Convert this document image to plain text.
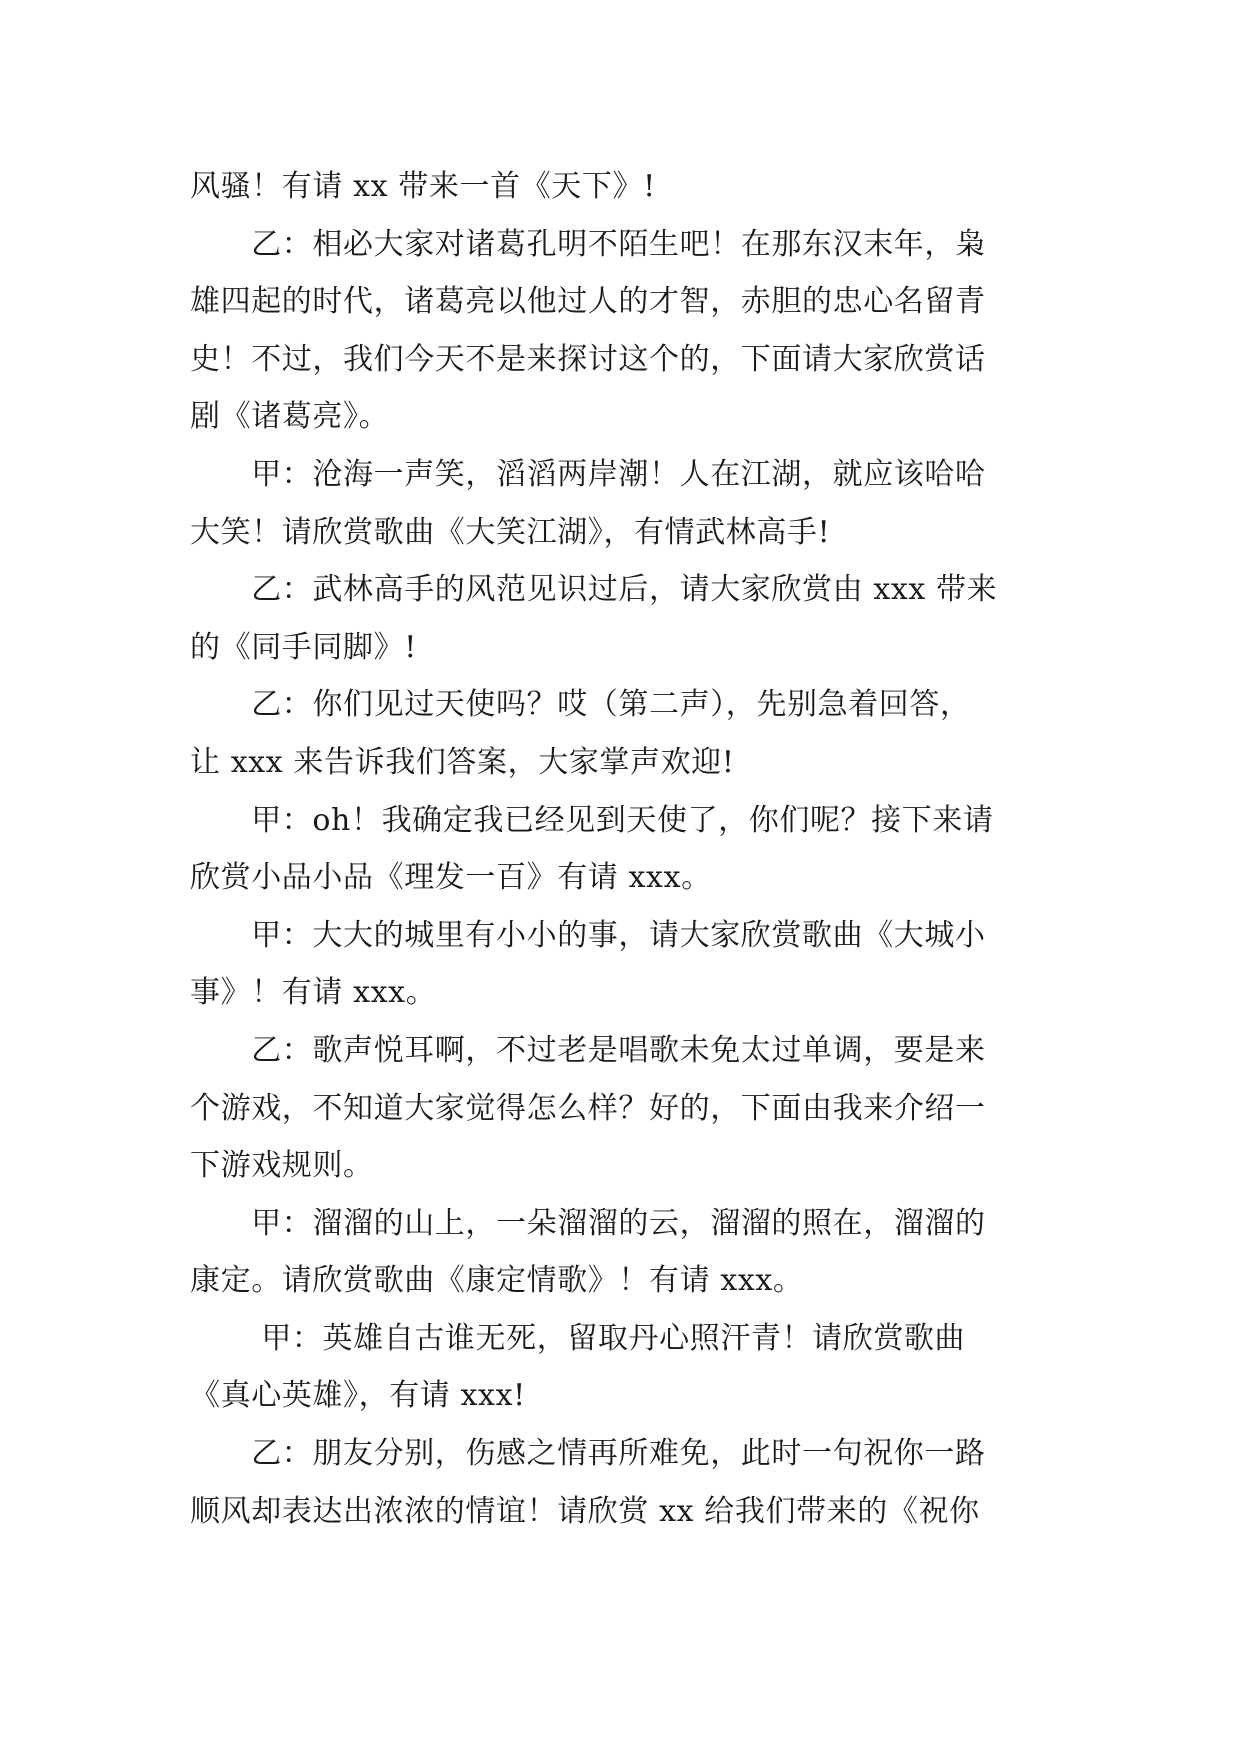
风骚！有请 xx 带来一首《天下》!
　　乙：相必大家对诸葛孔明不陌生吧！在那东汉末年，枭
雄四起的时代，诸葛亮以他过人的才智，赤胆的忠心名留青
史！不过，我们今天不是来探讨这个的，下面请大家欣赏话
剧《诸葛亮》。
　　甲：沧海一声笑，滔滔两岸潮！人在江湖，就应该哈哈
大笑！请欣赏歌曲《大笑江湖》，有情武林高手!
　　乙：武林高手的风范见识过后，请大家欣赏由 xxx 带来
的《同手同脚》!
　　乙：你们见过天使吗？哎（第二声），先别急着回答，
让 xxx 来告诉我们答案，大家掌声欢迎!
　　甲：oh！我确定我已经见到天使了，你们呢？接下来请
欣赏小品小品《理发一百》有请 xxx。
　　甲：大大的城里有小小的事，请大家欣赏歌曲《大城小
事》！有请 xxx。
　　乙：歌声悦耳啊，不过老是唱歌未免太过单调，要是来
个游戏，不知道大家觉得怎么样？好的，下面由我来介绍一
下游戏规则。
　　甲：溜溜的山上，一朵溜溜的云，溜溜的照在，溜溜的
康定。请欣赏歌曲《康定情歌》！有请 xxx。
　　 甲：英雄自古谁无死，留取丹心照汗青！请欣赏歌曲
《真心英雄》，有请 xxx!
　　乙：朋友分别，伤感之情再所难免，此时一句祝你一路
顺风却表达出浓浓的情谊！请欣赏 xx 给我们带来的《祝你
